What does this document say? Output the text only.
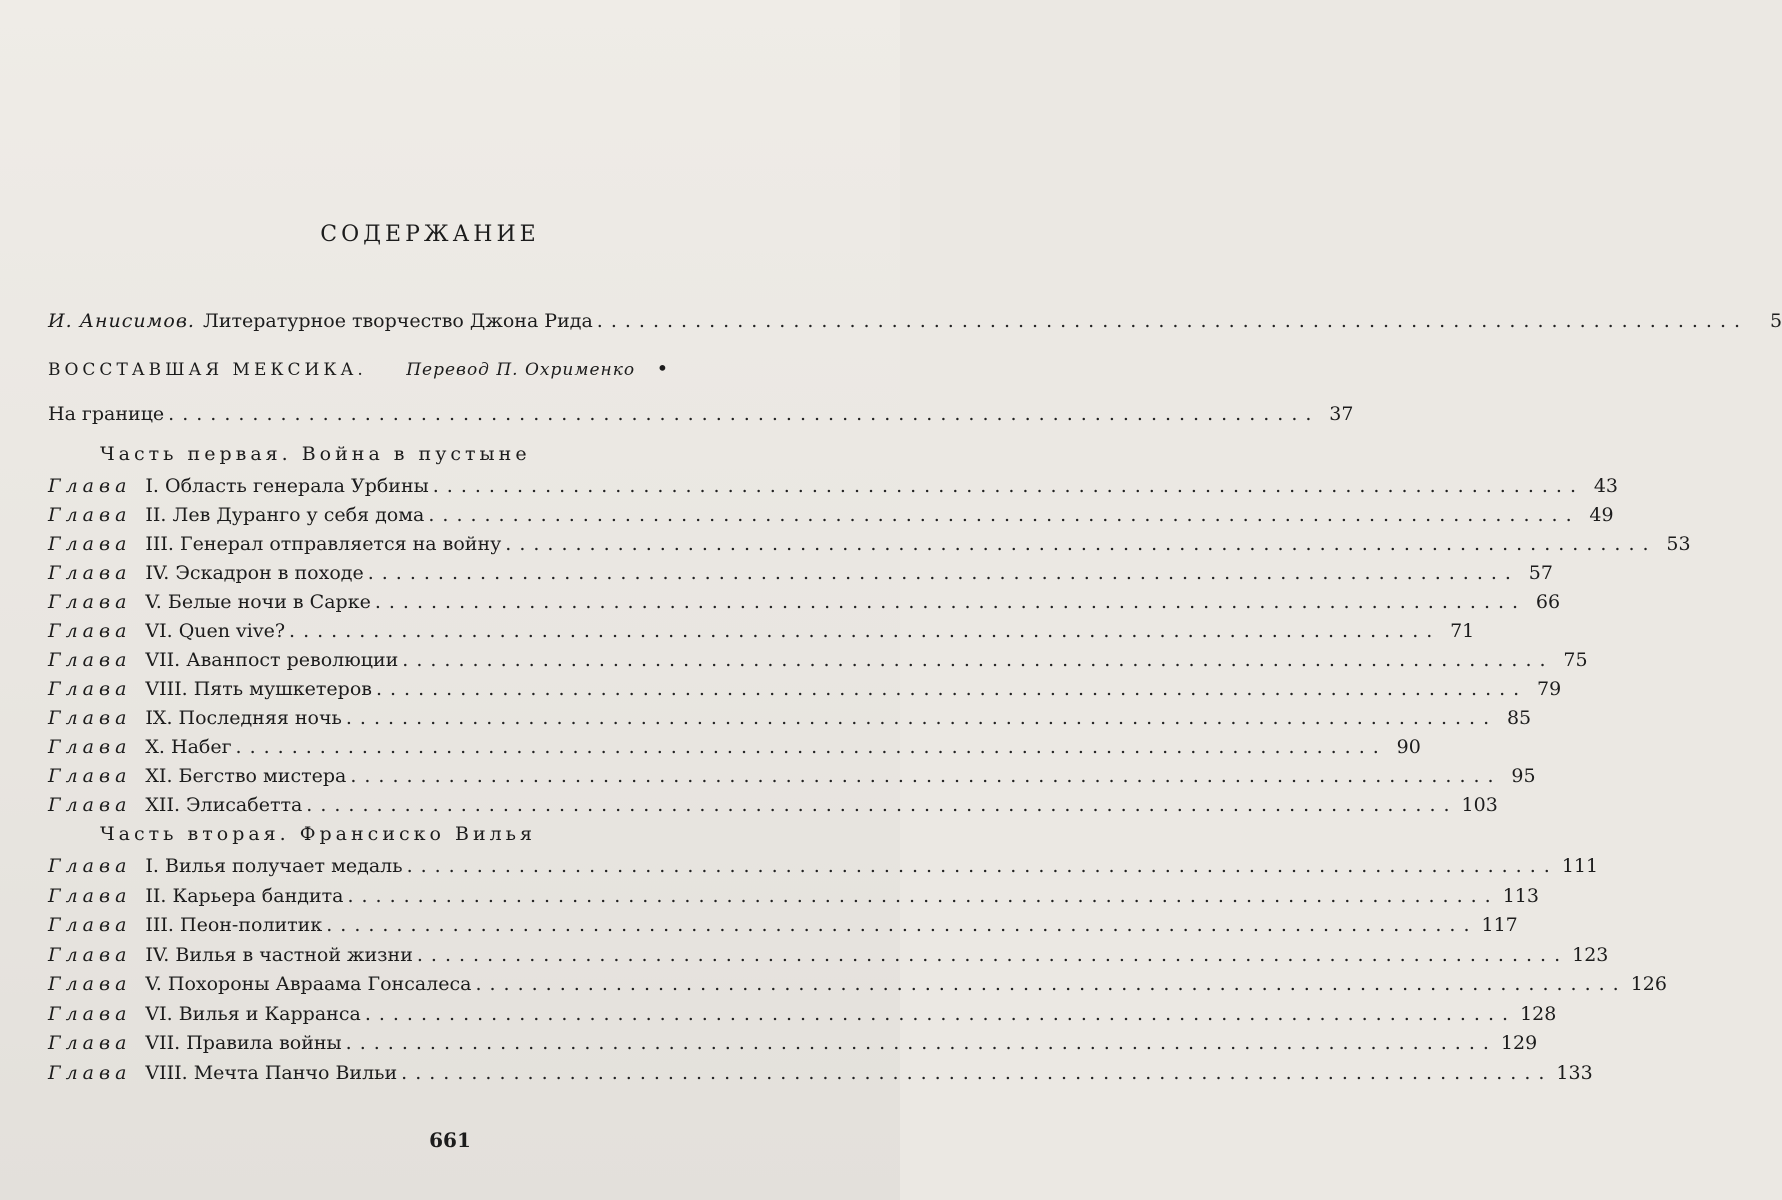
СОДЕРЖАНИЕ
И. Анисимов. Литературное творчество Джона Рида ..................................................................................	5
ВОССТАВШАЯ МЕКСИКА. Перевод П. Охрименко •
На границе .................................................................................. 37
Часть первая. Война в пустыне
Глава I. Область генерала Урбины .................................................................................. 43
Глава II. Лев Дуранго у себя дома .................................................................................. 49
Глава III. Генерал отправляется на войну .................................................................................. 53
Глава IV. Эскадрон в походе .................................................................................. 57
Глава V. Белые ночи в Сарке .................................................................................. 66
Глава VI. Quen vive? .................................................................................. 71
Глава VII. Аванпост революции .................................................................................. 75
Глава VIII. Пять мушкетеров .................................................................................. 79
Глава IX. Последняя ночь .................................................................................. 85
Глава X. Набег .................................................................................. 90
Глава XI. Бегство мистера .................................................................................. 95
Глава XII. Элисабетта .................................................................................. 103
Часть вторая. Франсиско Вилья
Глава I. Вилья получает медаль .................................................................................. 111
Глава II. Карьера бандита .................................................................................. 113
Глава III. Пеон-политик .................................................................................. 117
Глава IV. Вилья в частной жизни .................................................................................. 123
Глава V. Похороны Авраама Гонсалеса .................................................................................. 126
Глава VI. Вилья и Карранса .................................................................................. 128
Глава VII. Правила войны .................................................................................. 129
Глава VIII. Мечта Панчо Вильи .................................................................................. 133
661
